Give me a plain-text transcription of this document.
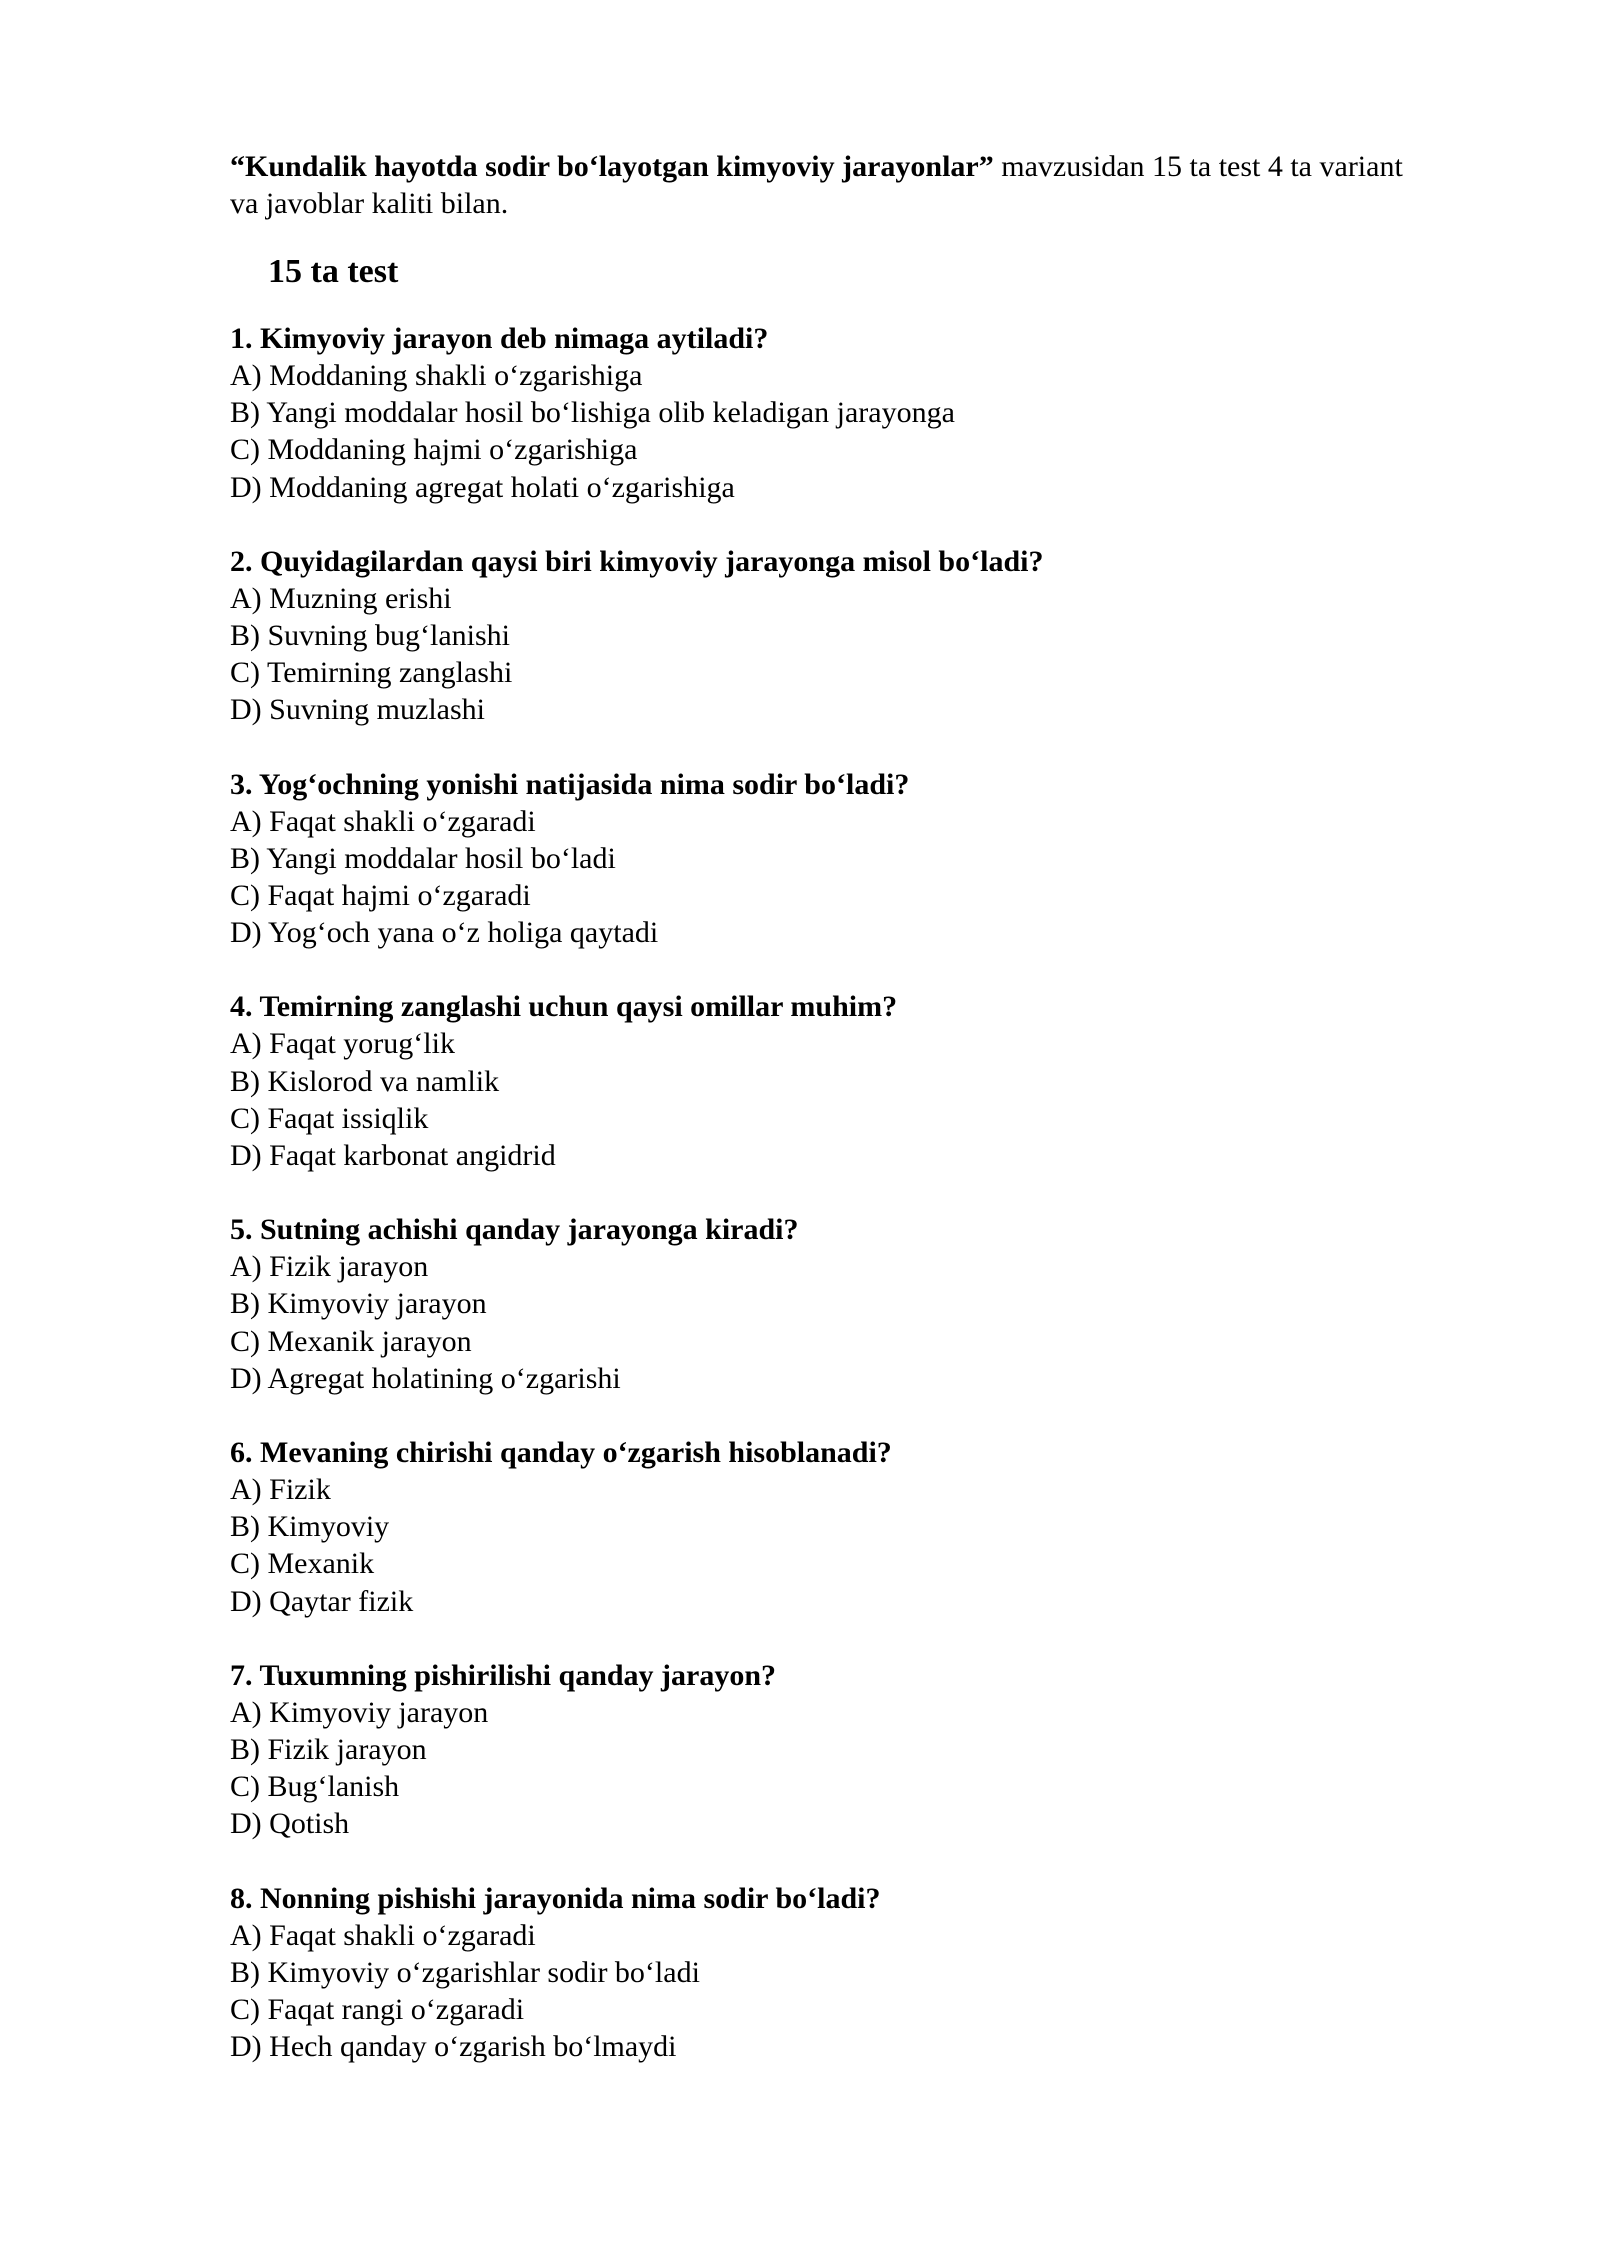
“Kundalik hayotda sodir bo‘layotgan kimyoviy jarayonlar” mavzusidan 15 ta test 4 ta variant va javoblar kaliti bilan.

15 ta test

1. Kimyoviy jarayon deb nimaga aytiladi?

A) Moddaning shakli o‘zgarishiga

B) Yangi moddalar hosil bo‘lishiga olib keladigan jarayonga

C) Moddaning hajmi o‘zgarishiga

D) Moddaning agregat holati o‘zgarishiga

2. Quyidagilardan qaysi biri kimyoviy jarayonga misol bo‘ladi?

A) Muzning erishi

B) Suvning bug‘lanishi

C) Temirning zanglashi

D) Suvning muzlashi

3. Yog‘ochning yonishi natijasida nima sodir bo‘ladi?

A) Faqat shakli o‘zgaradi

B) Yangi moddalar hosil bo‘ladi

C) Faqat hajmi o‘zgaradi

D) Yog‘och yana o‘z holiga qaytadi

4. Temirning zanglashi uchun qaysi omillar muhim?

A) Faqat yorug‘lik

B) Kislorod va namlik

C) Faqat issiqlik

D) Faqat karbonat angidrid

5. Sutning achishi qanday jarayonga kiradi?

A) Fizik jarayon

B) Kimyoviy jarayon

C) Mexanik jarayon

D) Agregat holatining o‘zgarishi

6. Mevaning chirishi qanday o‘zgarish hisoblanadi?

A) Fizik

B) Kimyoviy

C) Mexanik

D) Qaytar fizik

7. Tuxumning pishirilishi qanday jarayon?

A) Kimyoviy jarayon

B) Fizik jarayon

C) Bug‘lanish

D) Qotish

8. Nonning pishishi jarayonida nima sodir bo‘ladi?

A) Faqat shakli o‘zgaradi

B) Kimyoviy o‘zgarishlar sodir bo‘ladi

C) Faqat rangi o‘zgaradi

D) Hech qanday o‘zgarish bo‘lmaydi
